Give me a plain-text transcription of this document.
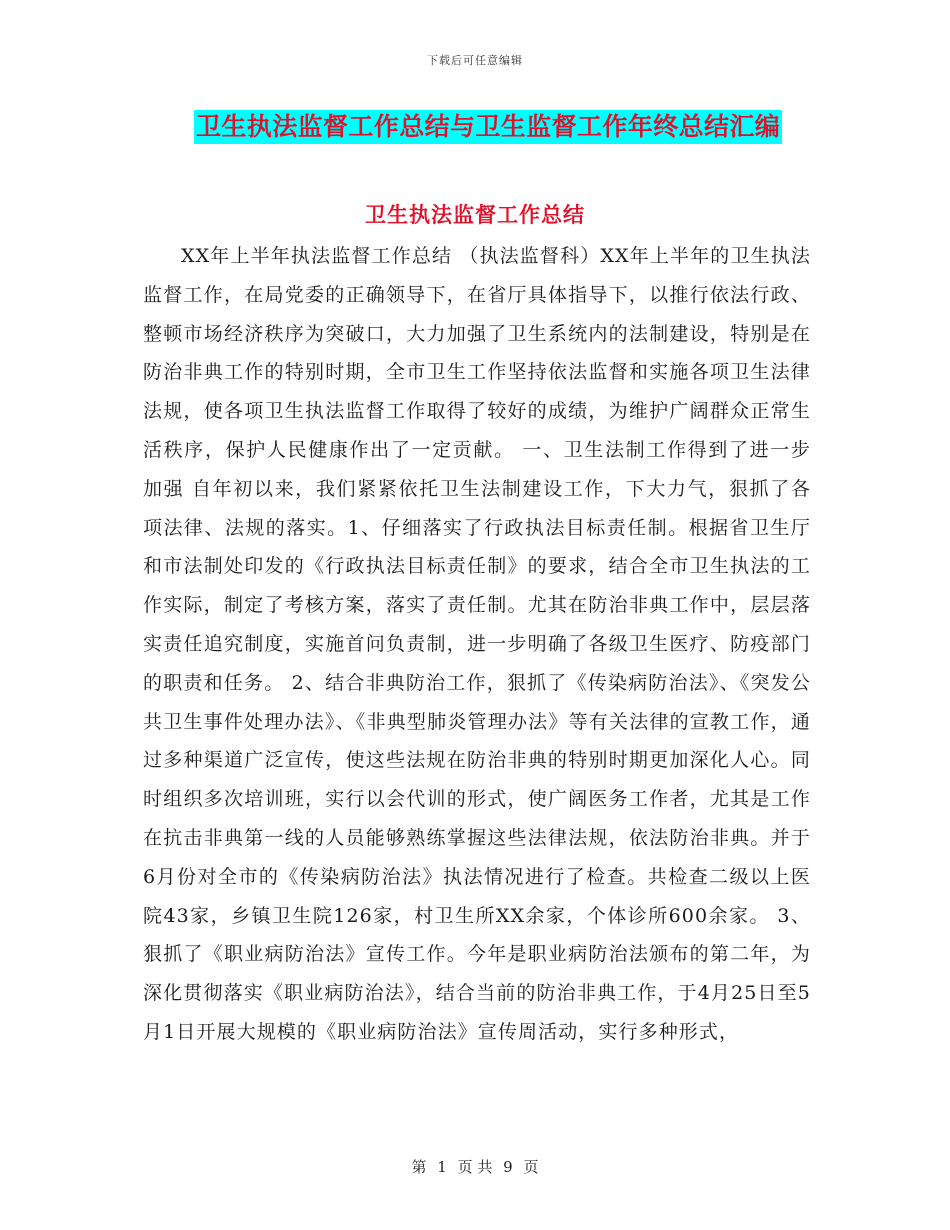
下载后可任意编辑
卫生执法监督工作总结与卫生监督工作年终总结汇编
卫生执法监督工作总结

XX年上半年执法监督工作总结 （执法监督科）XX年上半年的卫生执法监督工作，在局党委的正确领导下，在省厅具体指导下，以推行依法行政、整顿市场经济秩序为突破口，大力加强了卫生系统内的法制建设，特别是在防治非典工作的特别时期，全市卫生工作坚持依法监督和实施各项卫生法律法规，使各项卫生执法监督工作取得了较好的成绩，为维护广阔群众正常生活秩序，保护人民健康作出了一定贡献。 一、卫生法制工作得到了进一步加强 自年初以来，我们紧紧依托卫生法制建设工作，下大力气，狠抓了各项法律、法规的落实。1、仔细落实了行政执法目标责任制。根据省卫生厅和市法制处印发的《行政执法目标责任制》的要求，结合全市卫生执法的工作实际，制定了考核方案，落实了责任制。尤其在防治非典工作中，层层落实责任追究制度，实施首问负责制，进一步明确了各级卫生医疗、防疫部门的职责和任务。 2、结合非典防治工作，狠抓了《传染病防治法》、《突发公共卫生事件处理办法》、《非典型肺炎管理办法》等有关法律的宣教工作，通过多种渠道广泛宣传，使这些法规在防治非典的特别时期更加深化人心。同时组织多次培训班，实行以会代训的形式，使广阔医务工作者，尤其是工作在抗击非典第一线的人员能够熟练掌握这些法律法规，依法防治非典。并于6月份对全市的《传染病防治法》执法情况进行了检查。共检查二级以上医院43家，乡镇卫生院126家，村卫生所XX余家，个体诊所600余家。 3、狠抓了《职业病防治法》宣传工作。今年是职业病防治法颁布的第二年，为深化贯彻落实《职业病防治法》，结合当前的防治非典工作，于4月25日至5月1日开展大规模的《职业病防治法》宣传周活动，实行多种形式，

第 1 页 共 9 页
